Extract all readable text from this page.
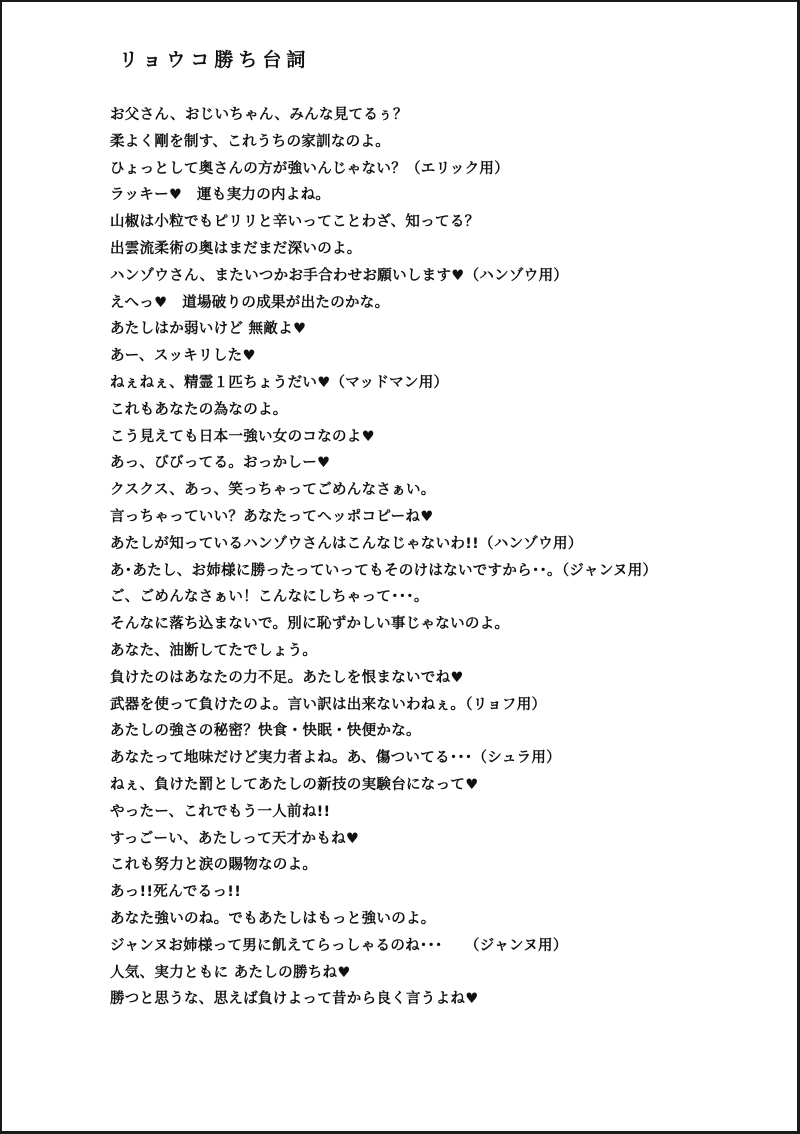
リョウコ勝ち台詞
お父さん、おじいちゃん、みんな見てるぅ？
柔よく剛を制す、これうちの家訓なのよ。
ひょっとして奥さんの方が強いんじゃない？（エリック用）
ラッキー♥　運も実力の内よね。
山椒は小粒でもピリリと辛いってことわざ、知ってる？
出雲流柔術の奥はまだまだ深いのよ。
ハンゾウさん、またいつかお手合わせお願いします♥（ハンゾウ用）
えへっ♥　道場破りの成果が出たのかな。
あたしはか弱いけど 無敵よ♥
あー、スッキリした♥
ねぇねぇ、精霊１匹ちょうだい♥（マッドマン用）
これもあなたの為なのよ。
こう見えても日本一強い女のコなのよ♥
あっ、びびってる。おっかしー♥
クスクス、あっ、笑っちゃってごめんなさぁい。
言っちゃっていい？あなたってヘッポコピーね♥
あたしが知っているハンゾウさんはこんなじゃないわ!!（ハンゾウ用）
あ･あたし、お姉様に勝ったっていってもそのけはないですから･･。（ジャンヌ用）
ご、ごめんなさぁい！こんなにしちゃって･･･。
そんなに落ち込まないで。別に恥ずかしい事じゃないのよ。
あなた、油断してたでしょう。
負けたのはあなたの力不足。あたしを恨まないでね♥
武器を使って負けたのよ。言い訳は出来ないわねぇ。（リョフ用）
あたしの強さの秘密？快食・快眠・快便かな。
あなたって地味だけど実力者よね。あ、傷ついてる･･･（シュラ用）
ねぇ、負けた罰としてあたしの新技の実験台になって♥
やったー、これでもう一人前ね!!
すっごーい、あたしって天才かもね♥
これも努力と涙の賜物なのよ。
あっ!!死んでるっ!!
あなた強いのね。でもあたしはもっと強いのよ。
ジャンヌお姉様って男に飢えてらっしゃるのね･･･　　（ジャンヌ用）
人気、実力ともに あたしの勝ちね♥
勝つと思うな、思えば負けよって昔から良く言うよね♥
